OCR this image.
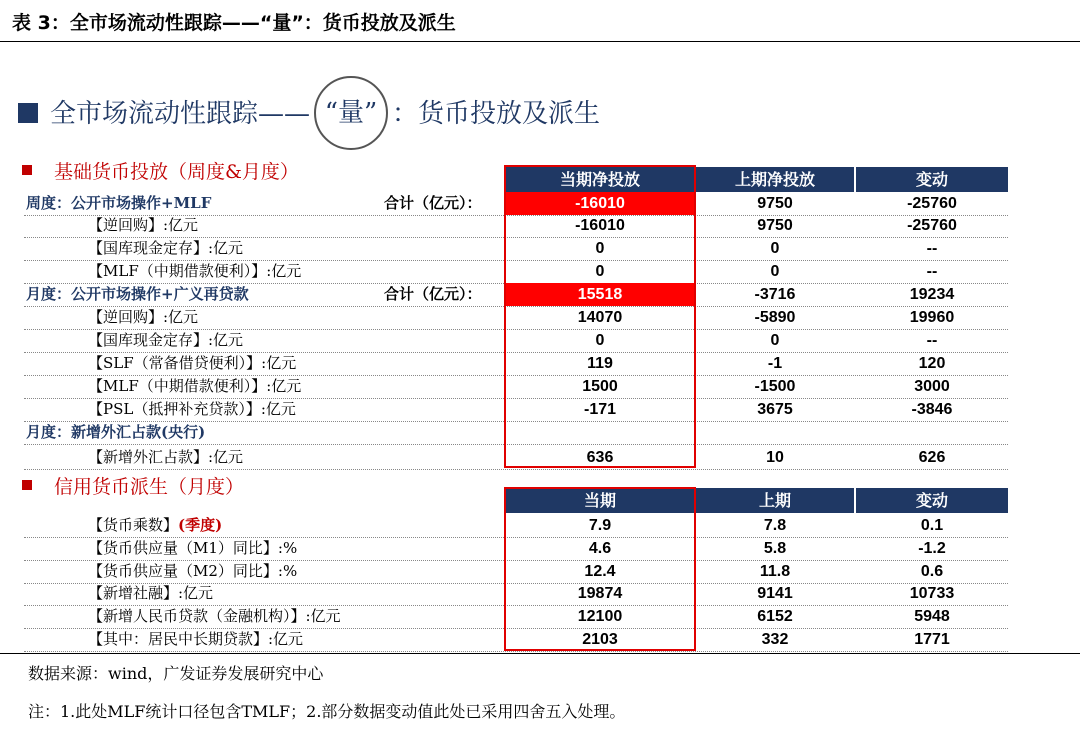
表 3：全市场流动性跟踪——“量”：货币投放及派生
全市场流动性跟踪—— “量” ：货币投放及派生
基础货币投放（周度&月度）	当期净投放	上期净投放	变动
周度：公开市场操作+MLF	合计（亿元）：	-16010	9750	-25760
【逆回购】:亿元	-16010	9750	-25760
【国库现金定存】:亿元	0	0	--
【MLF（中期借款便利）】:亿元	0	0	--
月度：公开市场操作+广义再贷款	合计（亿元）：	15518	-3716	19234
【逆回购】:亿元	14070	-5890	19960
【国库现金定存】:亿元	0	0	--
【SLF（常备借贷便利）】:亿元	119	-1	120
【MLF（中期借款便利）】:亿元	1500	-1500	3000
【PSL（抵押补充贷款）】:亿元	-171	3675	-3846
月度：新增外汇占款(央行)
【新增外汇占款】:亿元	636	10	626
信用货币派生（月度）
当期	上期	变动
【货币乘数】(季度)	7.9	7.8	0.1
【货币供应量（M1）同比】:%	4.6	5.8	-1.2
【货币供应量（M2）同比】:%	12.4	11.8	0.6
【新增社融】:亿元	19874	9141	10733
【新增人民币贷款（金融机构）】:亿元	12100	6152	5948
【其中：居民中长期贷款】:亿元	2103	332	1771
数据来源：wind，广发证券发展研究中心
注：1.此处MLF统计口径包含TMLF；2.部分数据变动值此处已采用四舍五入处理。
